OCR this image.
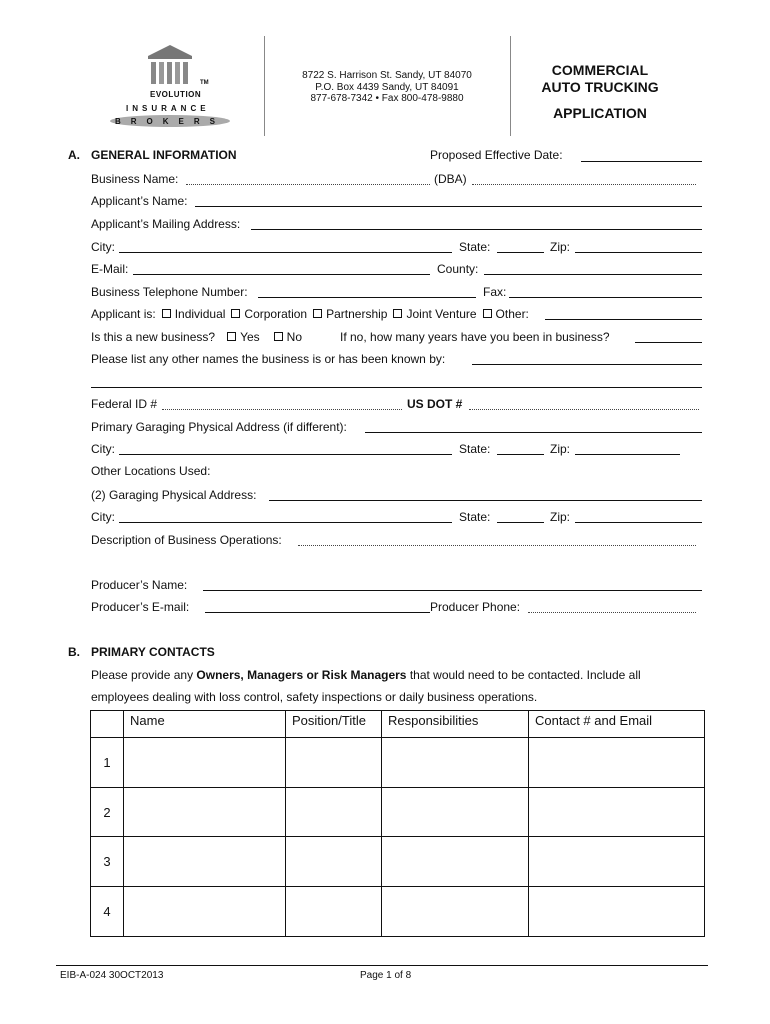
TM
EVOLUTION
INSURANCE
BROKERS
8722 S. Harrison St. Sandy, UT 84070
P.O. Box 4439 Sandy, UT 84091
877-678-7342 • Fax 800-478-9880
COMMERCIAL
AUTO TRUCKING
APPLICATION
A. GENERAL INFORMATION	Proposed Effective Date:
Business Name:	(DBA)
Applicant’s Name:
Applicant’s Mailing Address:
City:	State:	Zip:
E-Mail:	County:
Business Telephone Number:	Fax:
Applicant is: Individual Corporation Partnership Joint Venture Other:
Is this a new business? Yes No	If no, how many years have you been in business?
Please list any other names the business is or has been known by:
Federal ID #	US DOT #
Primary Garaging Physical Address (if different):
City:	State:	Zip:
Other Locations Used:
(2) Garaging Physical Address:
City:	State:	Zip:
Description of Business Operations:
Producer’s Name:
Producer’s E-mail:	Producer Phone:
B. PRIMARY CONTACTS
Please provide any Owners, Managers or Risk Managers that would need to be contacted. Include all
employees dealing with loss control, safety inspections or daily business operations.
	Name	Position/Title	Responsibilities	Contact # and Email
1				
2				
3				
4				
EIB-A-024 30OCT2013	Page 1 of 8
